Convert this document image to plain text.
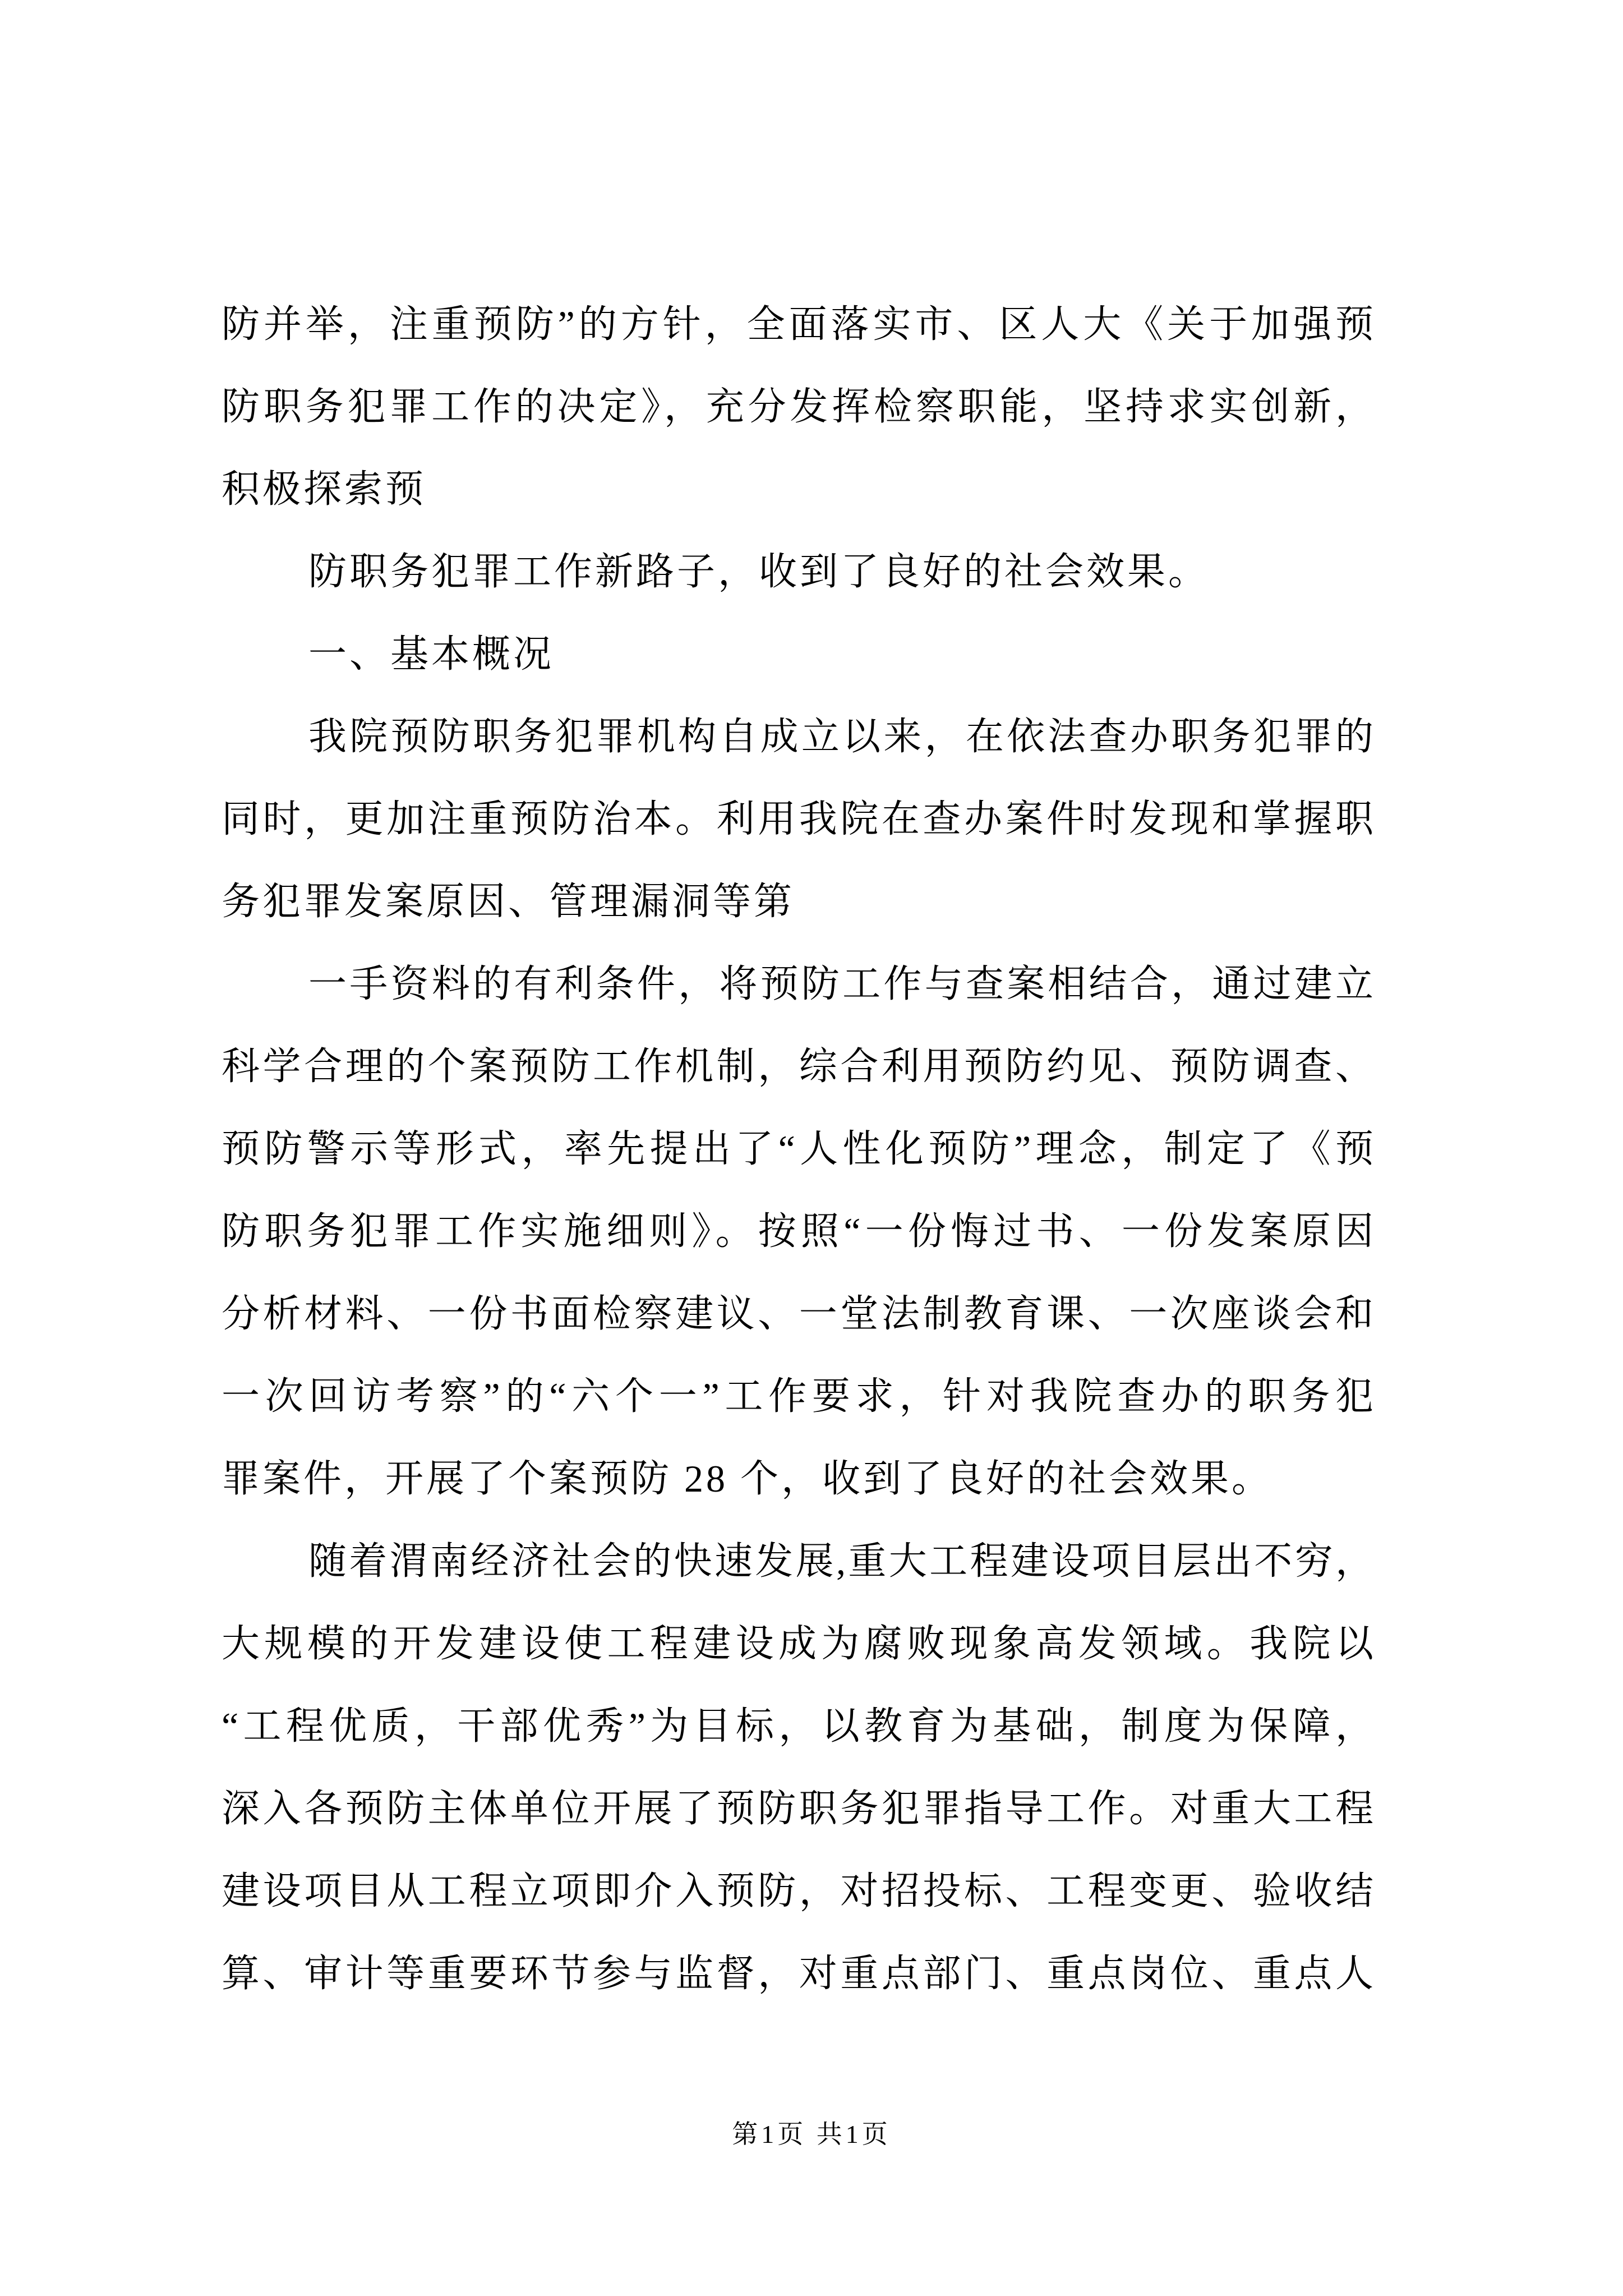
防并举，注重预防”的方针，全面落实市、区人大《关于加强预
防职务犯罪工作的决定》，充分发挥检察职能，坚持求实创新，
积极探索预
防职务犯罪工作新路子，收到了良好的社会效果。
一、基本概况
我院预防职务犯罪机构自成立以来，在依法查办职务犯罪的
同时，更加注重预防治本。利用我院在查办案件时发现和掌握职
务犯罪发案原因、管理漏洞等第
一手资料的有利条件，将预防工作与查案相结合，通过建立
科学合理的个案预防工作机制，综合利用预防约见、预防调查、
预防警示等形式，率先提出了“人性化预防”理念，制定了《预
防职务犯罪工作实施细则》。按照“一份悔过书、一份发案原因
分析材料、一份书面检察建议、一堂法制教育课、一次座谈会和
一次回访考察”的“六个一”工作要求，针对我院查办的职务犯
罪案件，开展了个案预防 28 个，收到了良好的社会效果。
随着渭南经济社会的快速发展,重大工程建设项目层出不穷，
大规模的开发建设使工程建设成为腐败现象高发领域。我院以
“工程优质，干部优秀”为目标，以教育为基础，制度为保障，
深入各预防主体单位开展了预防职务犯罪指导工作。对重大工程
建设项目从工程立项即介入预防，对招投标、工程变更、验收结
算、审计等重要环节参与监督，对重点部门、重点岗位、重点人
第1页 共1页
